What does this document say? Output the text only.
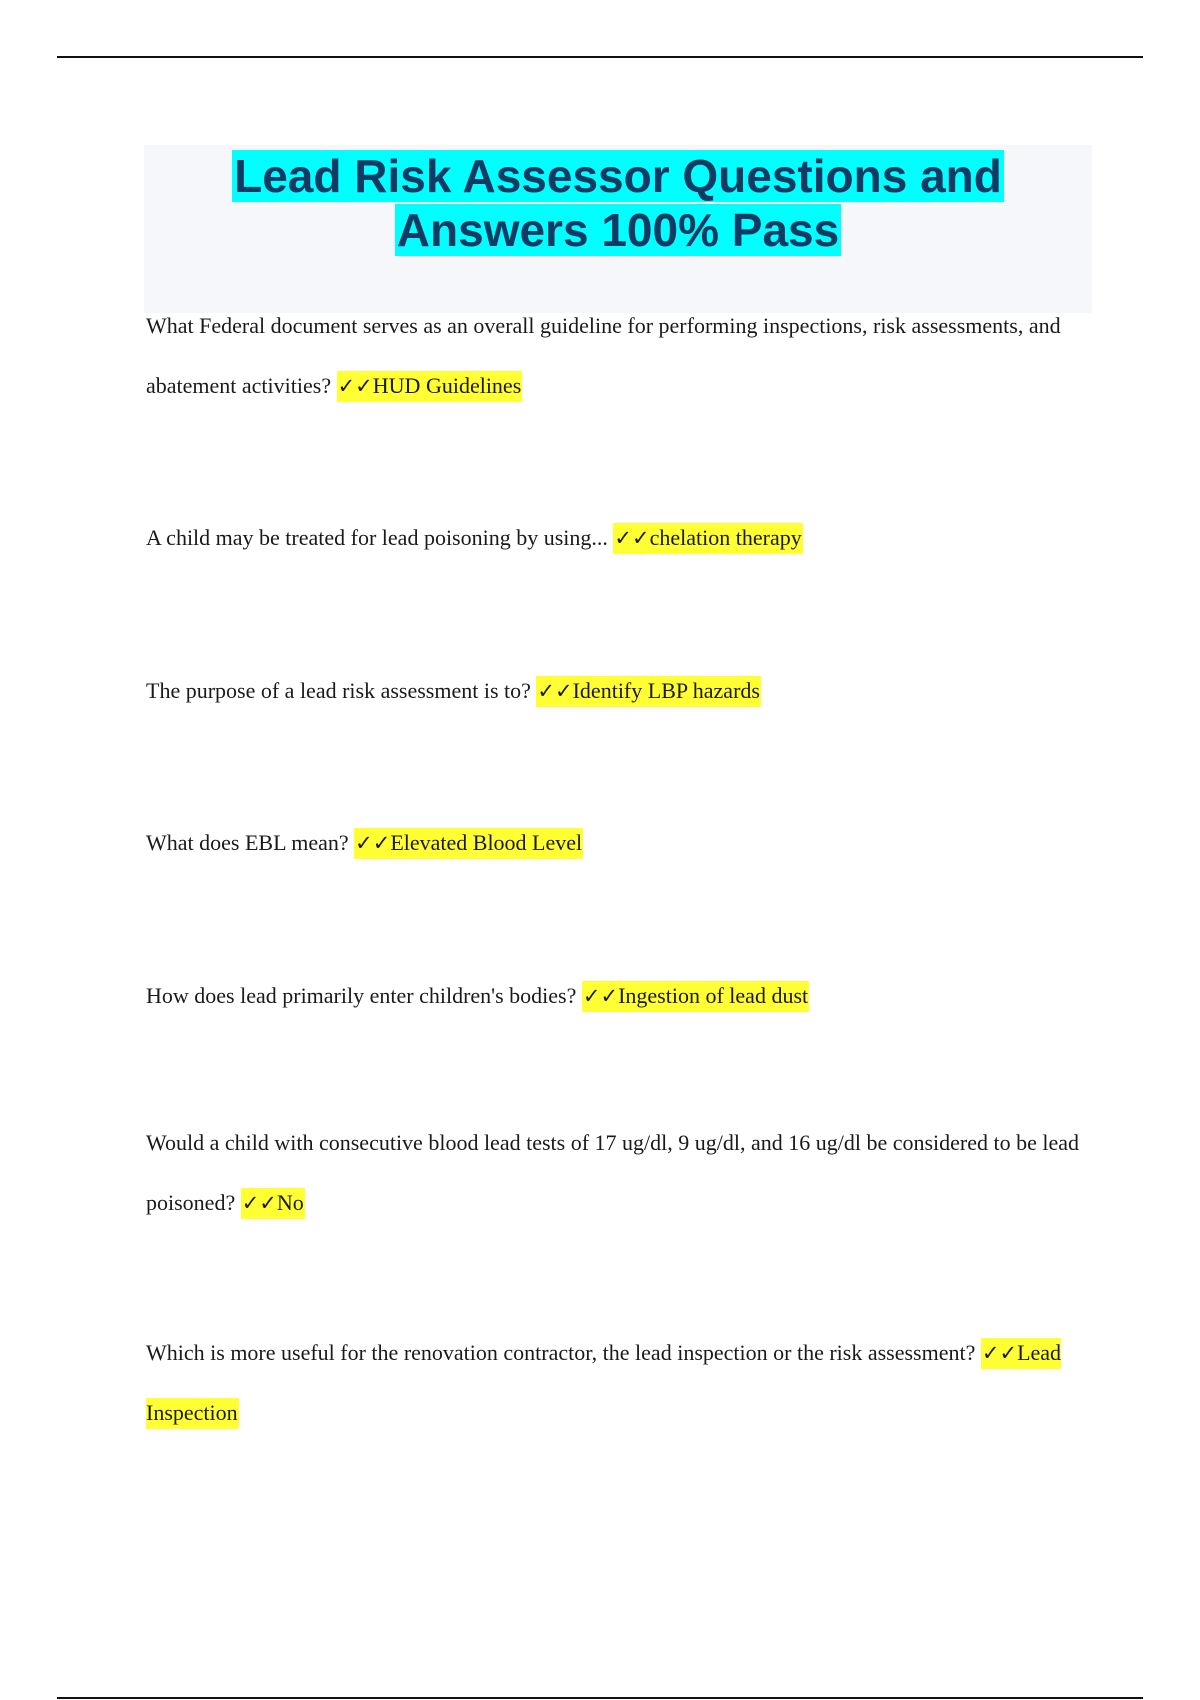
Lead Risk Assessor Questions and
Answers 100% Pass

What Federal document serves as an overall guideline for performing inspections, risk assessments, and abatement activities? ✓✓HUD Guidelines

A child may be treated for lead poisoning by using... ✓✓chelation therapy

The purpose of a lead risk assessment is to? ✓✓Identify LBP hazards

What does EBL mean? ✓✓Elevated Blood Level

How does lead primarily enter children's bodies? ✓✓Ingestion of lead dust

Would a child with consecutive blood lead tests of 17 ug/dl, 9 ug/dl, and 16 ug/dl be considered to be lead poisoned? ✓✓No

Which is more useful for the renovation contractor, the lead inspection or the risk assessment? ✓✓Lead Inspection
